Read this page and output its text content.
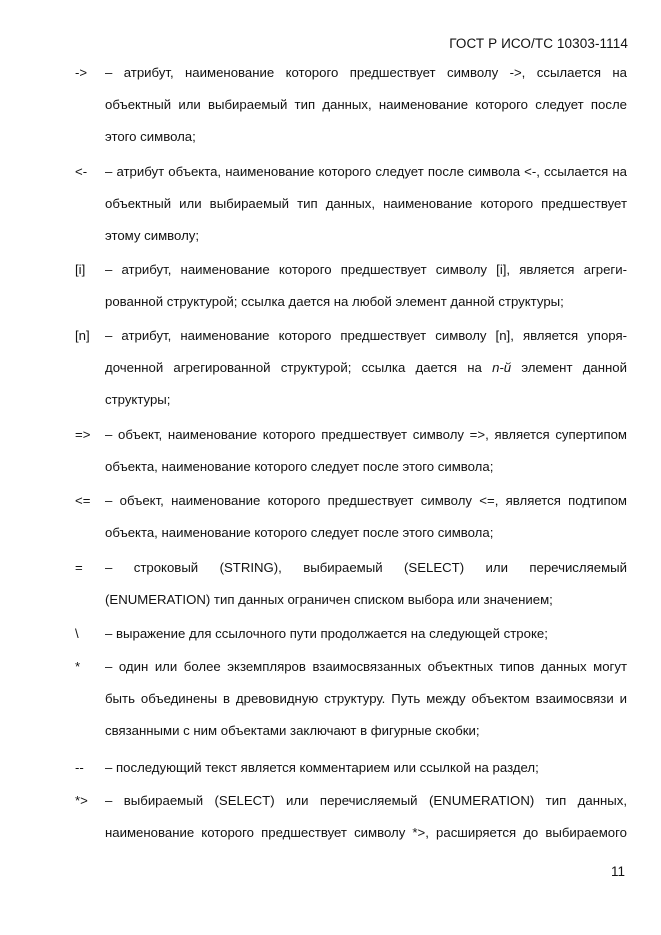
ГОСТ Р ИСО/ТС 10303-1114
->	– атрибут, наименование которого предшествует символу ->, ссылается на объектный или выбираемый тип данных, наименование которого следует после этого символа;
<-	– атрибут объекта, наименование которого следует после символа <-, ссылается на объектный или выбираемый тип данных, наименование которого предшествует этому символу;
[i]	– атрибут, наименование которого предшествует символу [i], является агреги-рованной структурой; ссылка дается на любой элемент данной структуры;
[n]	– атрибут, наименование которого предшествует символу [n], является упоря-доченной агрегированной структурой; ссылка дается на n-й элемент данной структуры;
=>	– объект, наименование которого предшествует символу =>, является супертипом объекта, наименование которого следует после этого символа;
<=	– объект, наименование которого предшествует символу <=, является подтипом объекта, наименование которого следует после этого символа;
=	– строковый (STRING), выбираемый (SELECT) или перечисляемый (ENUMERATION) тип данных ограничен списком выбора или значением;
\	– выражение для ссылочного пути продолжается на следующей строке;
*	– один или более экземпляров взаимосвязанных объектных типов данных могут быть объединены в древовидную структуру. Путь между объектом взаимосвязи и связанными с ним объектами заключают в фигурные скобки;
--	– последующий текст является комментарием или ссылкой на раздел;
*>	– выбираемый (SELECT) или перечисляемый (ENUMERATION) тип данных, наименование которого предшествует символу *>, расширяется до выбираемого
11
